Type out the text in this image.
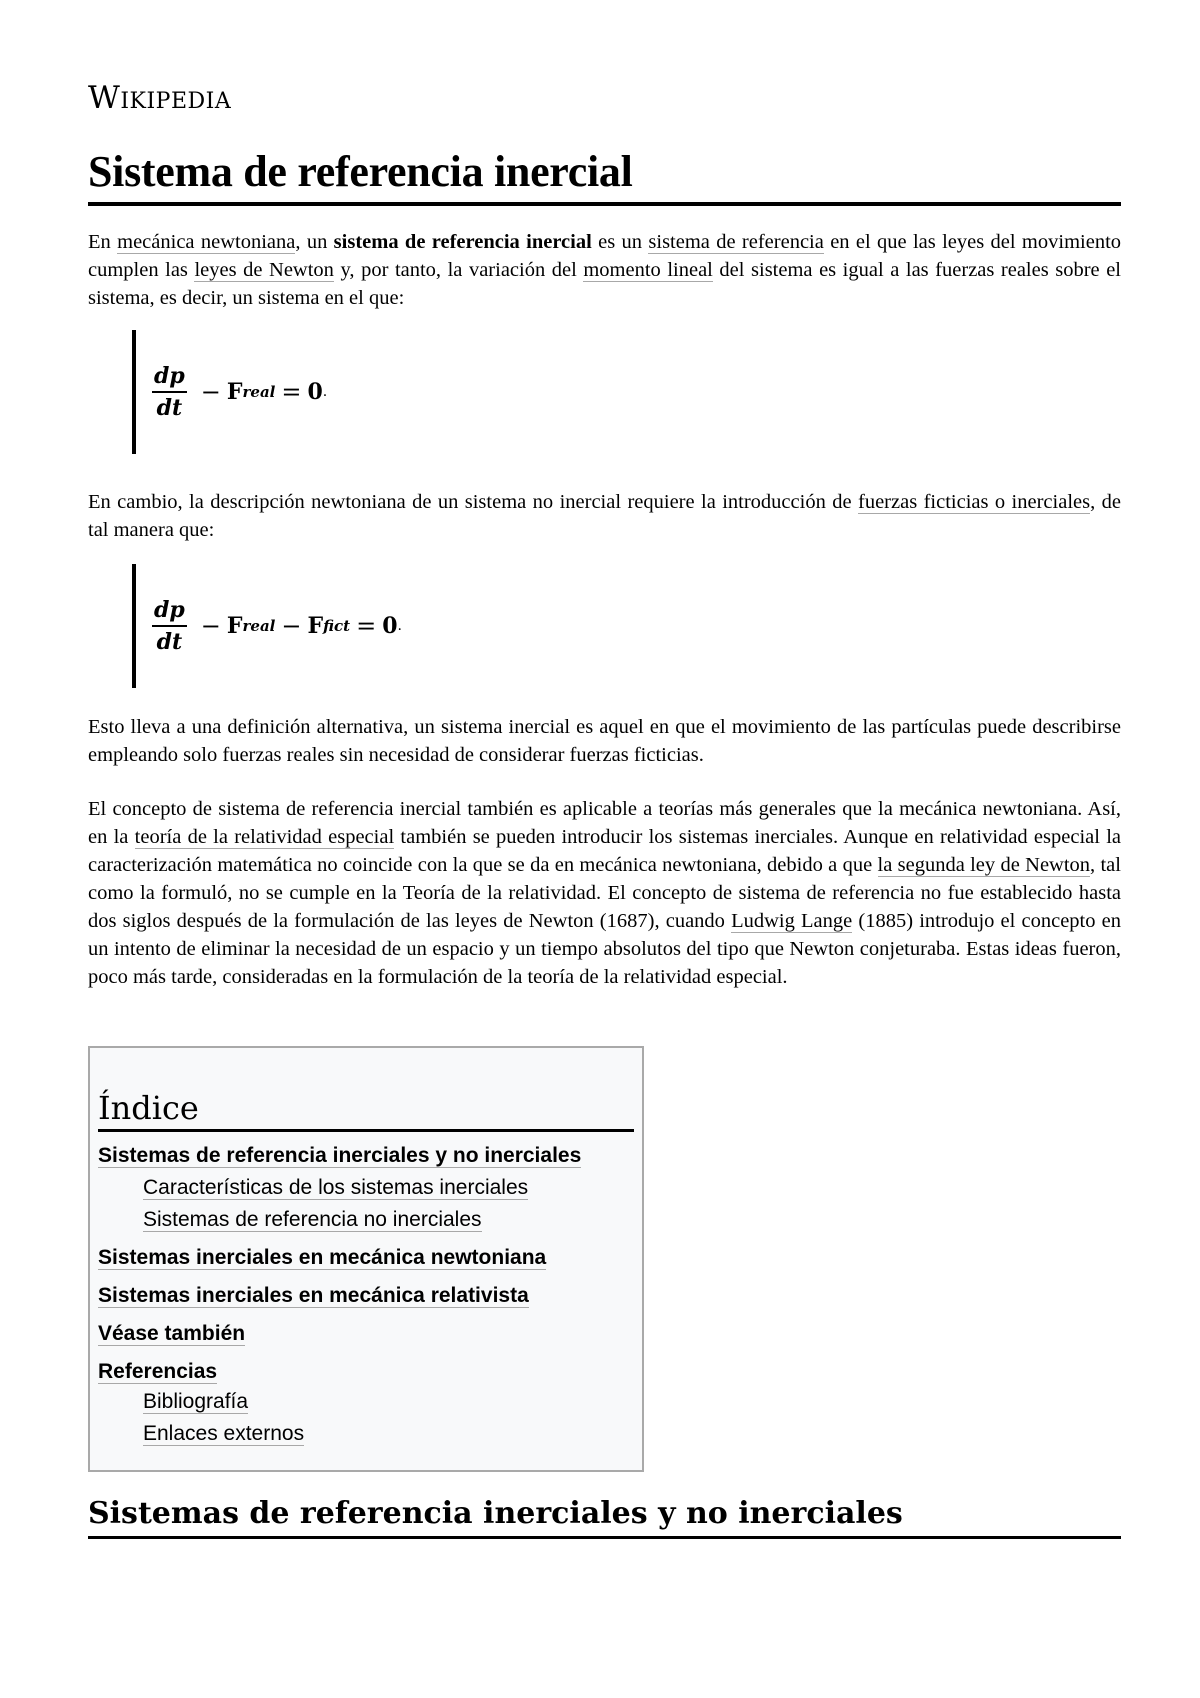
Wikipedia
Sistema de referencia inercial

En mecánica newtoniana, un sistema de referencia inercial es un sistema de referencia en el que las leyes del movimiento cumplen las leyes de Newton y, por tanto, la variación del momento lineal del sistema es igual a las fuerzas reales sobre el sistema, es decir, un sistema en el que:

$\frac{dp}{dt} - F$ real = 0 .

En cambio, la descripción newtoniana de un sistema no inercial requiere la introducción de fuerzas ficticias o inerciales, de tal manera que:

$\frac{dp}{dt} - F$ real − F fict = 0 .

Esto lleva a una definición alternativa, un sistema inercial es aquel en que el movimiento de las partículas puede describirse empleando solo fuerzas reales sin necesidad de considerar fuerzas ficticias.

El concepto de sistema de referencia inercial también es aplicable a teorías más generales que la mecánica newtoniana. Así, en la teoría de la relatividad especial también se pueden introducir los sistemas inerciales. Aunque en relatividad especial la caracterización matemática no coincide con la que se da en mecánica newtoniana, debido a que la segunda ley de Newton, tal como la formuló, no se cumple en la Teoría de la relatividad. El concepto de sistema de referencia no fue establecido hasta dos siglos después de la formulación de las leyes de Newton (1687), cuando Ludwig Lange (1885) introdujo el concepto en un intento de eliminar la necesidad de un espacio y un tiempo absolutos del tipo que Newton conjeturaba. Estas ideas fueron, poco más tarde, consideradas en la formulación de la teoría de la relatividad especial.

Índice
Sistemas de referencia inerciales y no inerciales
Características de los sistemas inerciales
Sistemas de referencia no inerciales
Sistemas inerciales en mecánica newtoniana
Sistemas inerciales en mecánica relativista
Véase también
Referencias
Bibliografía
Enlaces externos
Sistemas de referencia inerciales y no inerciales
